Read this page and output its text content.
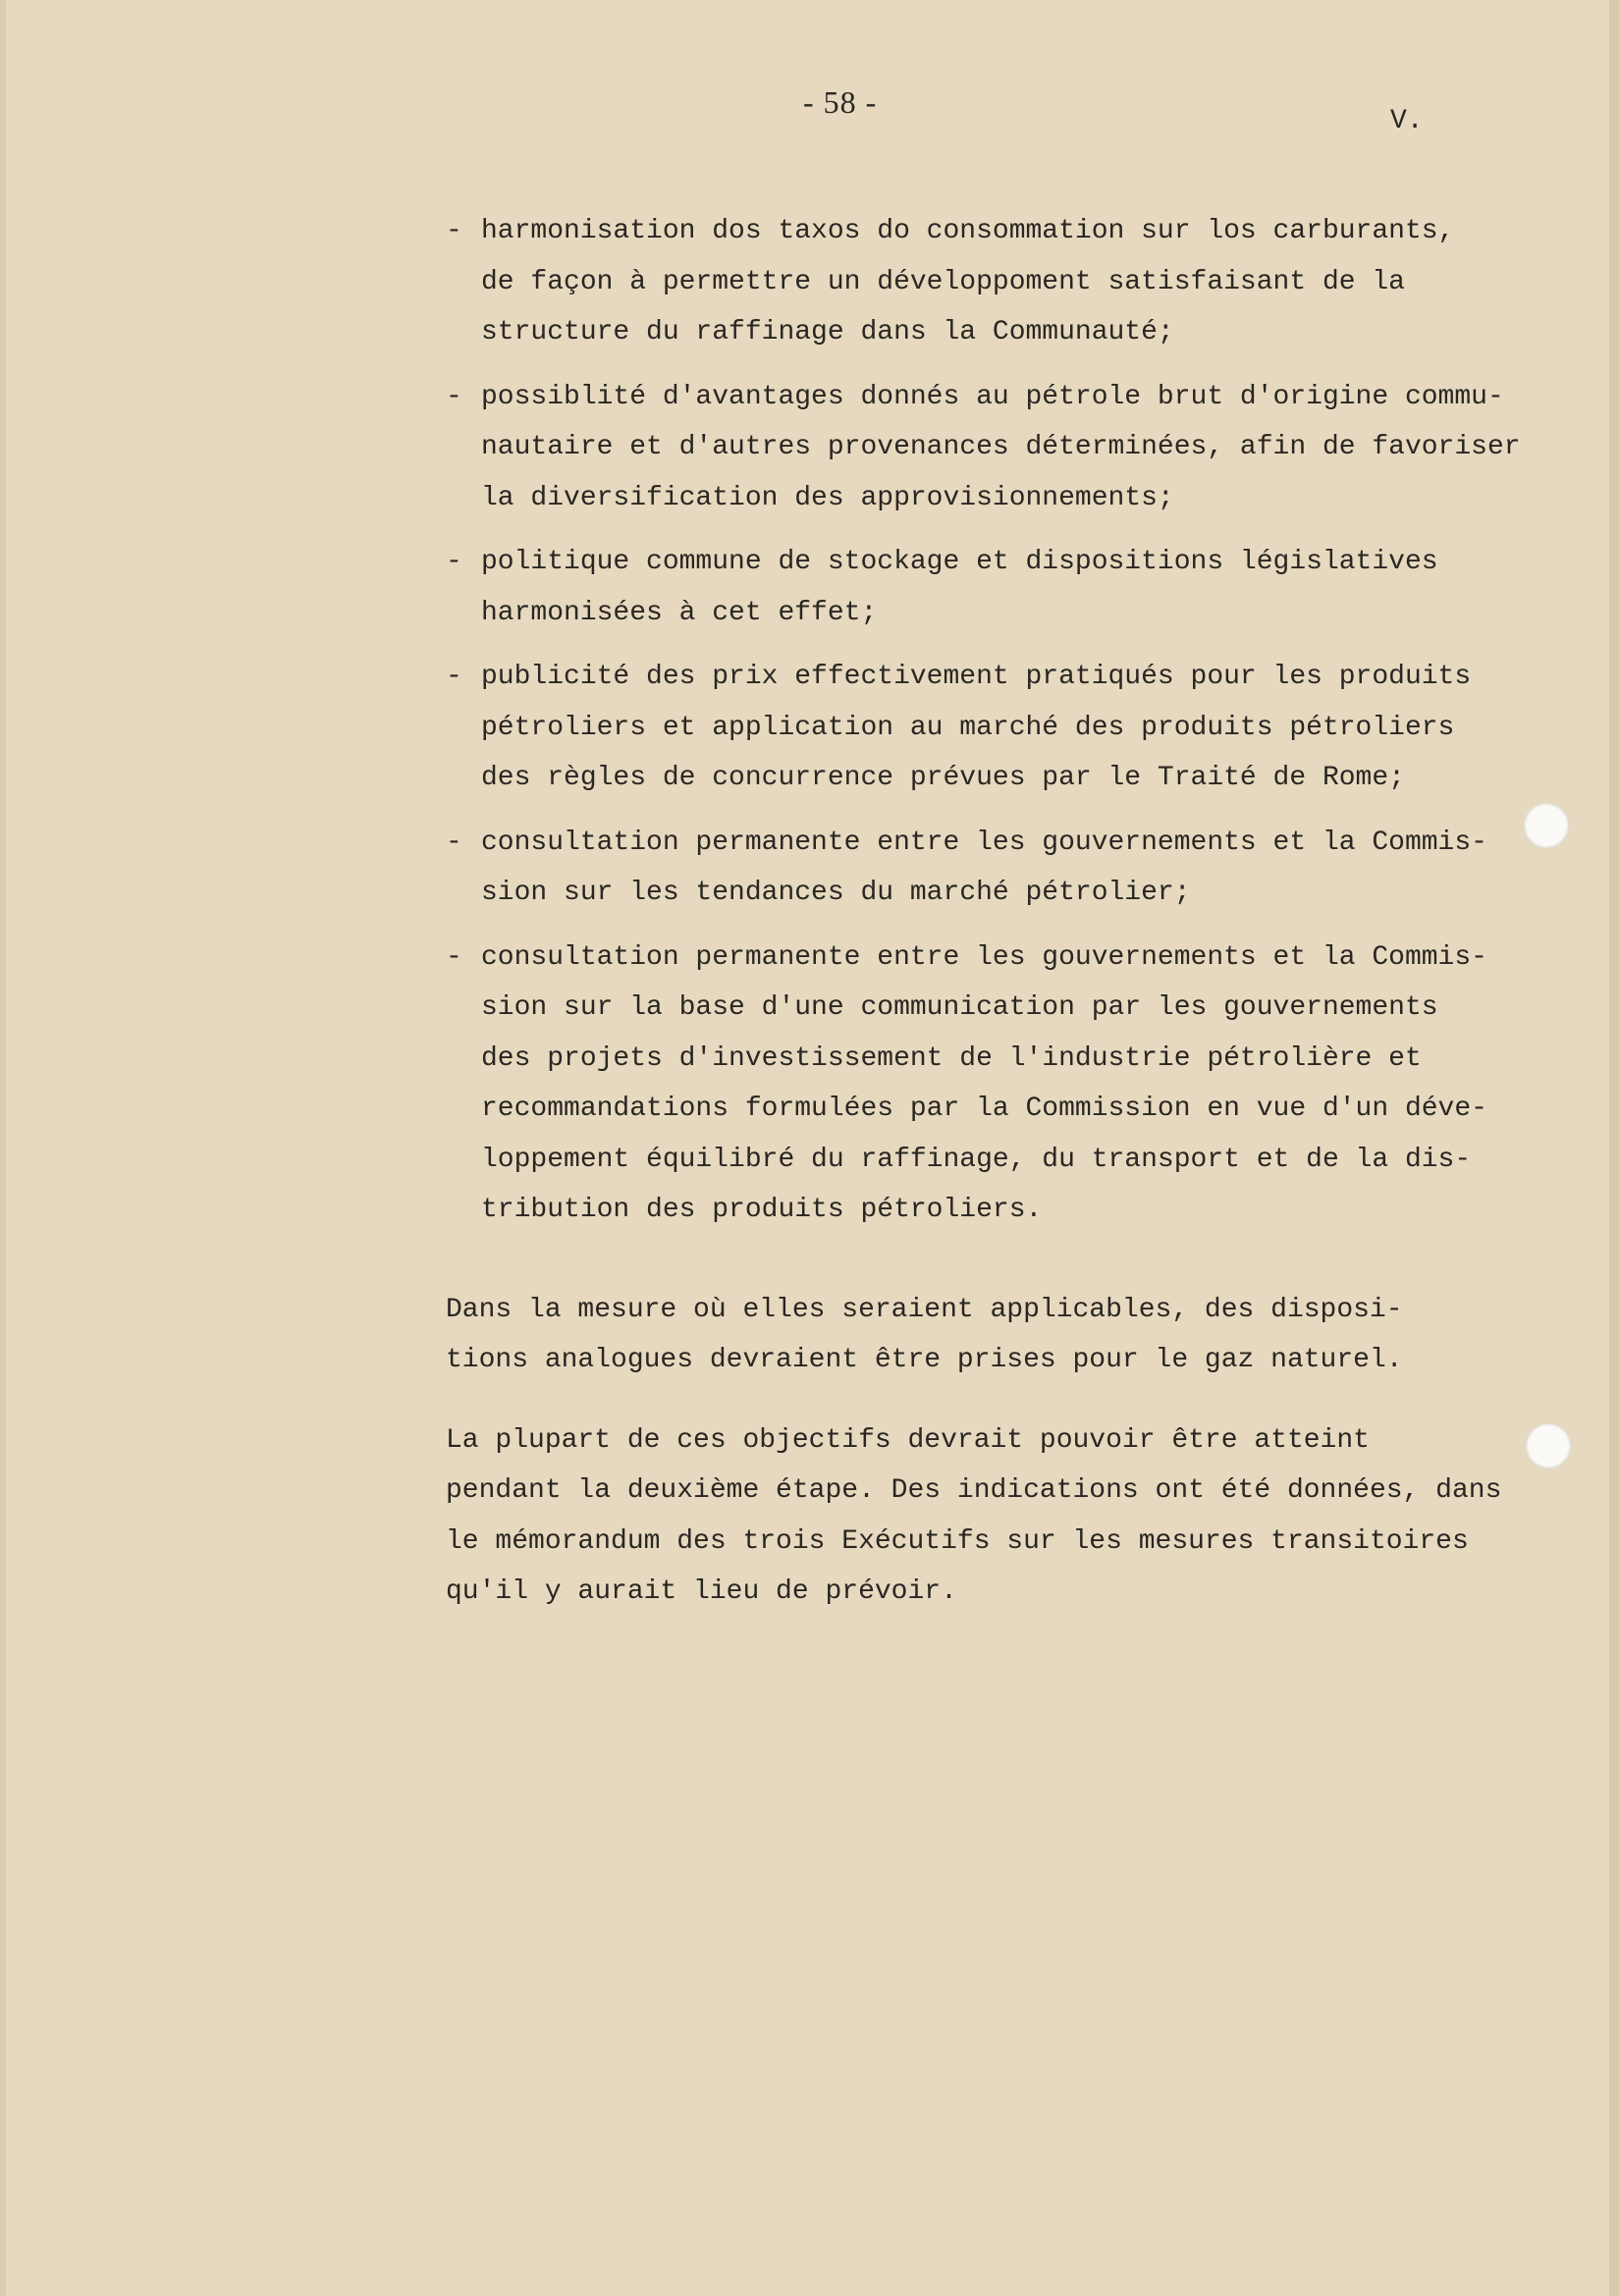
- 58 -
V.
- harmonisation dos taxos do consommation sur los carburants,
de façon à permettre un développoment satisfaisant de la
structure du raffinage dans la Communauté;
- possiblité d'avantages donnés au pétrole brut d'origine commu-
nautaire et d'autres provenances déterminées, afin de favoriser
la diversification des approvisionnements;
- politique commune de stockage et dispositions législatives
harmonisées à cet effet;
- publicité des prix effectivement pratiqués pour les produits
pétroliers et application au marché des produits pétroliers
des règles de concurrence prévues par le Traité de Rome;
- consultation permanente entre les gouvernements et la Commis-
sion sur les tendances du marché pétrolier;
- consultation permanente entre les gouvernements et la Commis-
sion sur la base d'une communication par les gouvernements
des projets d'investissement de l'industrie pétrolière et
recommandations formulées par la Commission en vue d'un déve-
loppement équilibré du raffinage, du transport et de la dis-
tribution des produits pétroliers.
Dans la mesure où elles seraient applicables, des disposi-
tions analogues devraient être prises pour le gaz naturel.
La plupart de ces objectifs devrait pouvoir être atteint
pendant la deuxième étape. Des indications ont été données, dans
le mémorandum des trois Exécutifs sur les mesures transitoires
qu'il y aurait lieu de prévoir.
